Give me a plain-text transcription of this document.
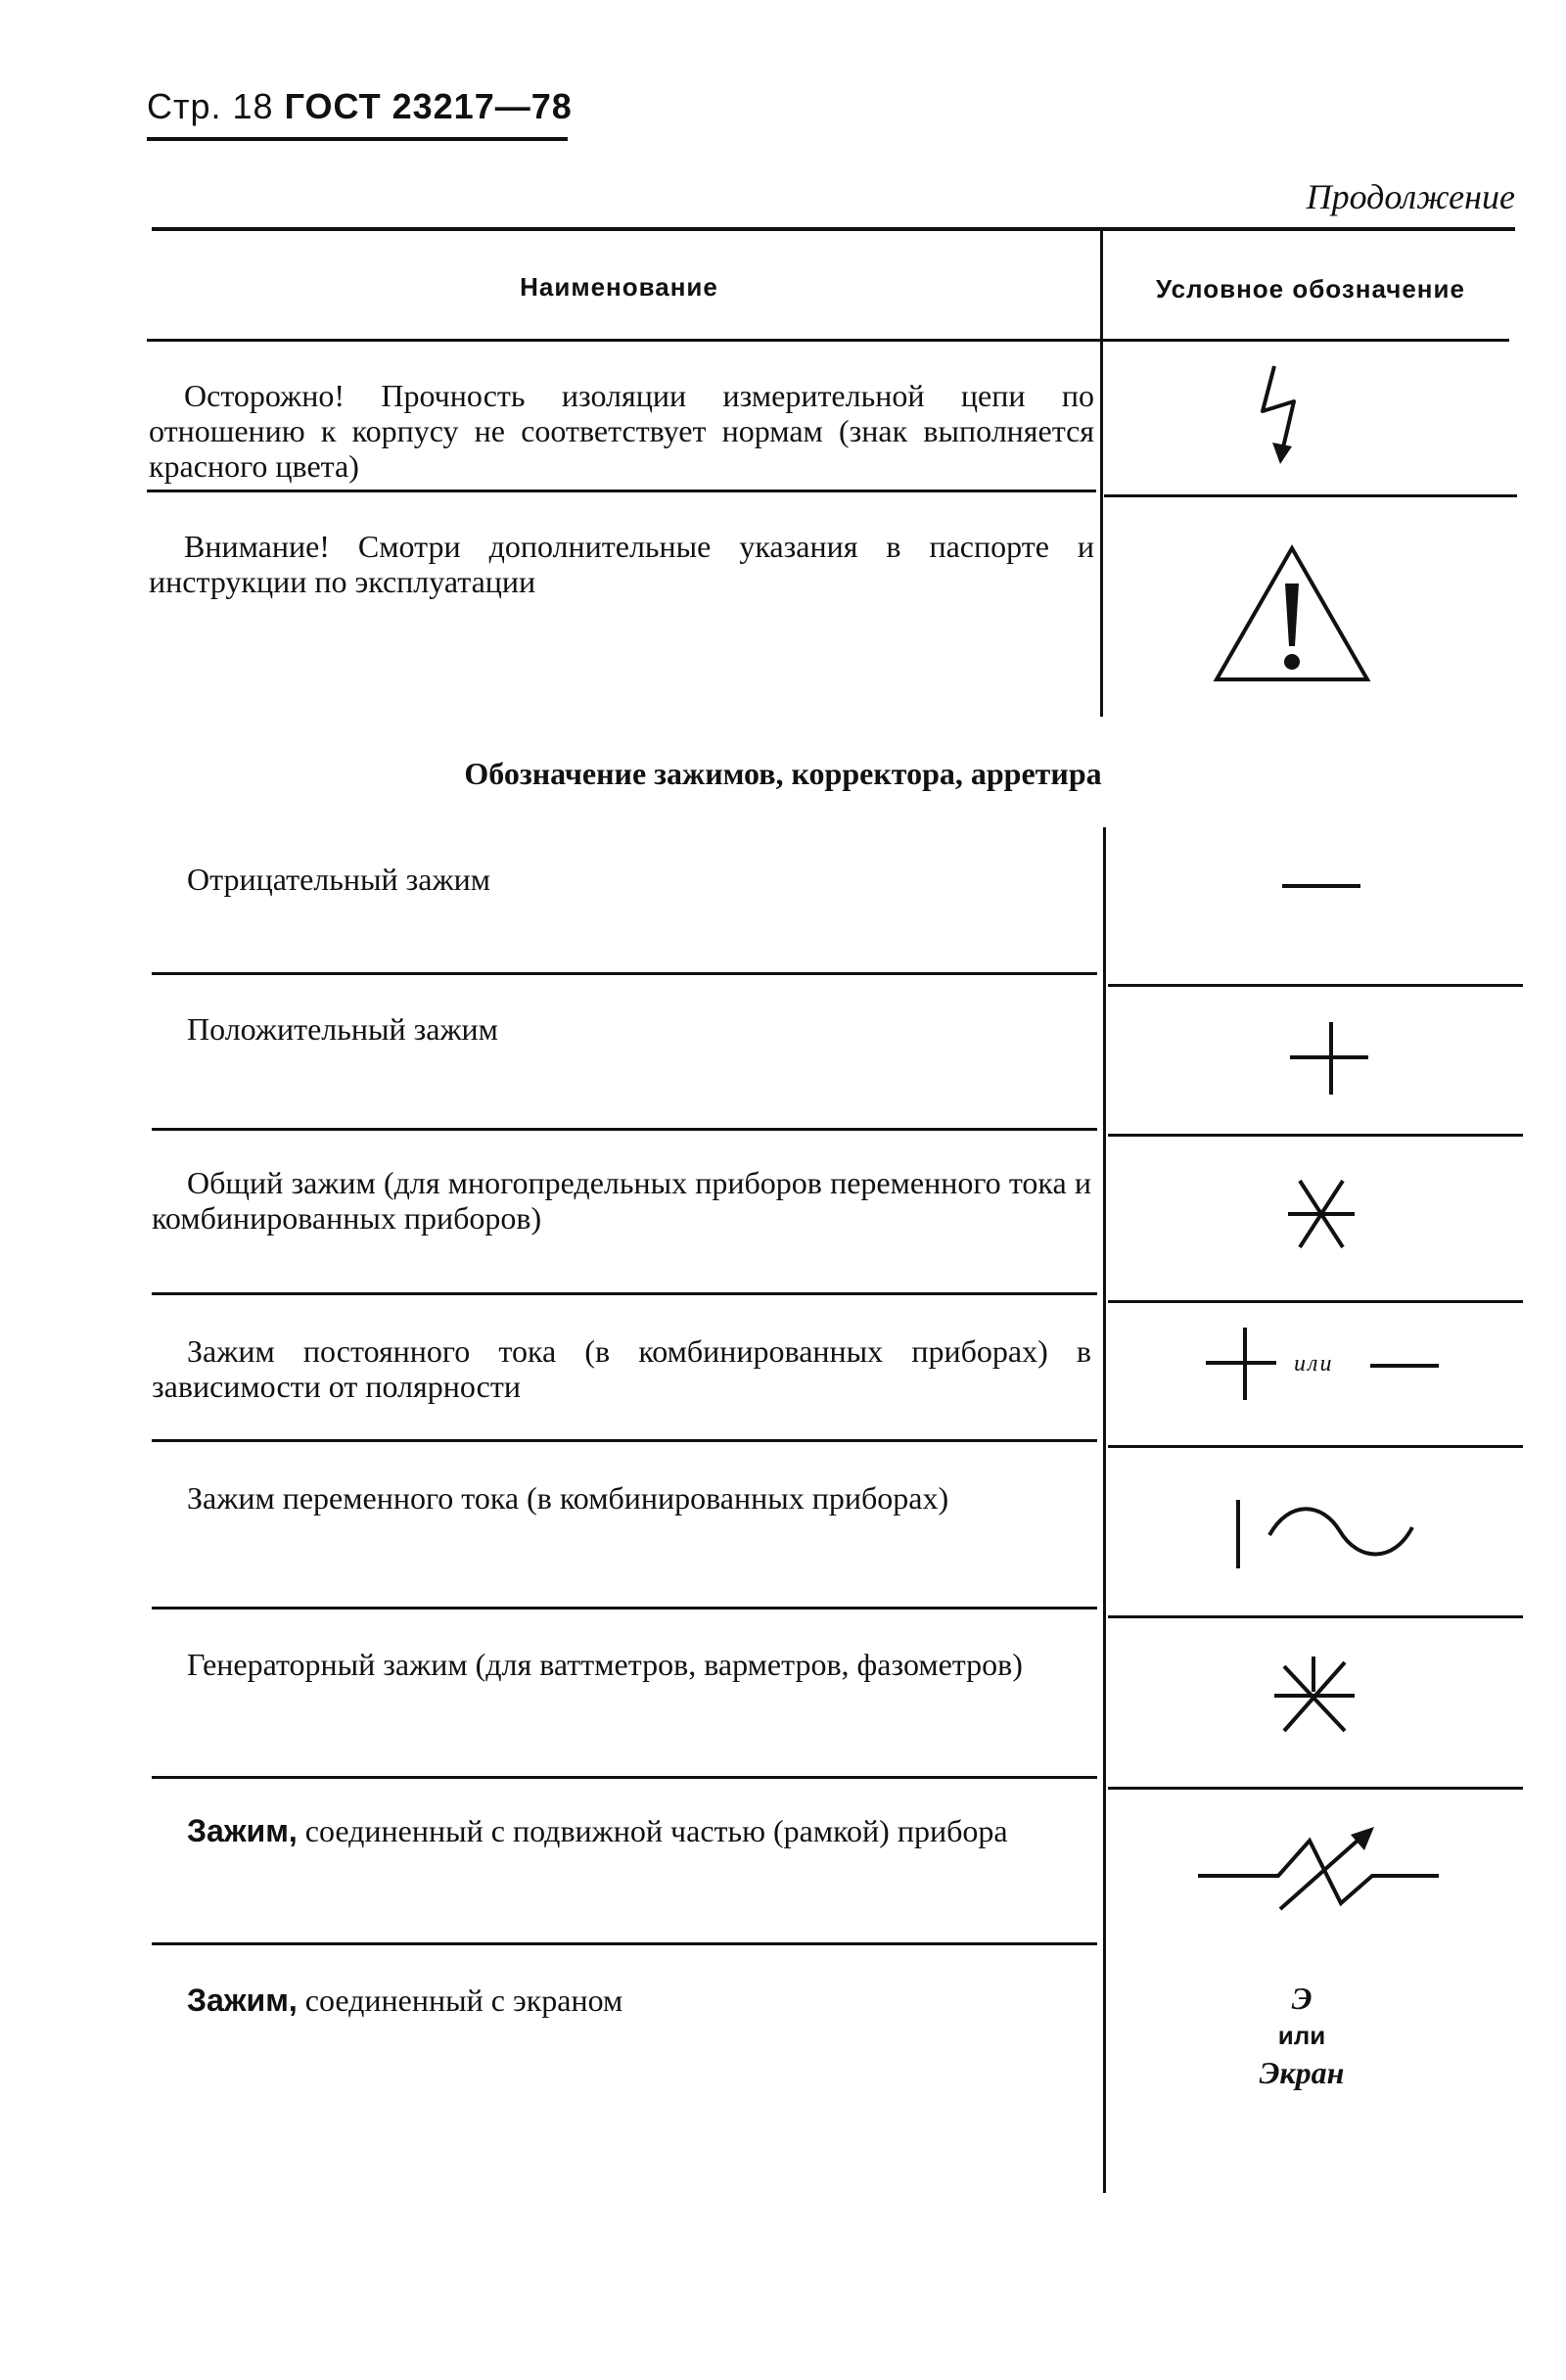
Стр. 18 ГОСТ 23217—78
Продолжение
Наименование	Условное обозначение
Осторожно! Прочность изоляции измерительной цепи по отношению к корпусу не соответствует нормам (знак выполняется красного цвета)
Внимание! Смотри дополнительные указания в паспорте и инструкции по эксплуатации
Обозначение зажимов, корректора, арретира
Отрицательный зажим
Положительный зажим
Общий зажим (для многопредельных приборов переменного тока и комбинированных приборов)
Зажим постоянного тока (в комбинированных приборах) в зависимости от полярности
или
Зажим переменного тока (в комбинированных приборах)
Генераторный зажим (для ваттметров, варметров, фазометров)
Зажим, соединенный с подвижной частью (рамкой) прибора
Зажим, соединенный с экраном	Э
или
Экран
